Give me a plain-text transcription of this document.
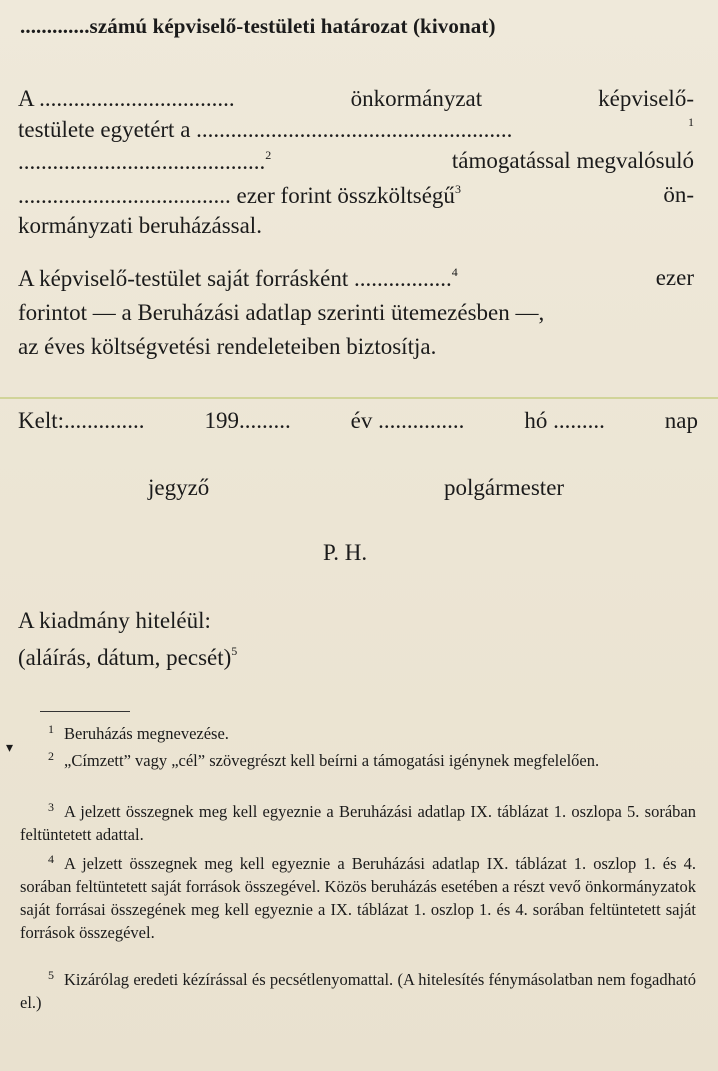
.............számú képviselő-testületi határozat (kivonat)
A ..................................	önkormányzat	képviselő-
testülete egyetért a .......................................................	1
...........................................$^2$	támogatással megvalósuló
..................................... ezer forint összköltségű$^3$	ön-
kormányzati beruházással.
A képviselő-testület saját forrásként .................$^4$	ezer
forintot — a Beruházási adatlap szerinti ütemezésben —,
az éves költségvetési rendeleteiben biztosítja.
Kelt:..............	199.........	év ...............	hó .........	nap
jegyző	polgármester
P. H.
A kiadmány hiteléül:
(aláírás, dátum, pecsét)$^5$
▾
$^1$ Beruházás megnevezése.
$^2$ „Címzett” vagy „cél” szövegrészt kell beírni a támogatási igénynek megfelelően.
$^3$ A jelzett összegnek meg kell egyeznie a Beruházási adatlap IX. táblázat 1. oszlopa 5. sorában feltüntetett adattal.
$^4$ A jelzett összegnek meg kell egyeznie a Beruházási adatlap IX. táblázat 1. oszlop 1. és 4. sorában feltüntetett saját források összegével. Közös beruházás esetében a részt vevő önkormányzatok saját forrásai összegének meg kell egyeznie a IX. táblázat 1. oszlop 1. és 4. sorában feltüntetett saját források összegével.
$^5$ Kizárólag eredeti kézírással és pecsétlenyomattal. (A hitelesítés fénymásolatban nem fogadható el.)
